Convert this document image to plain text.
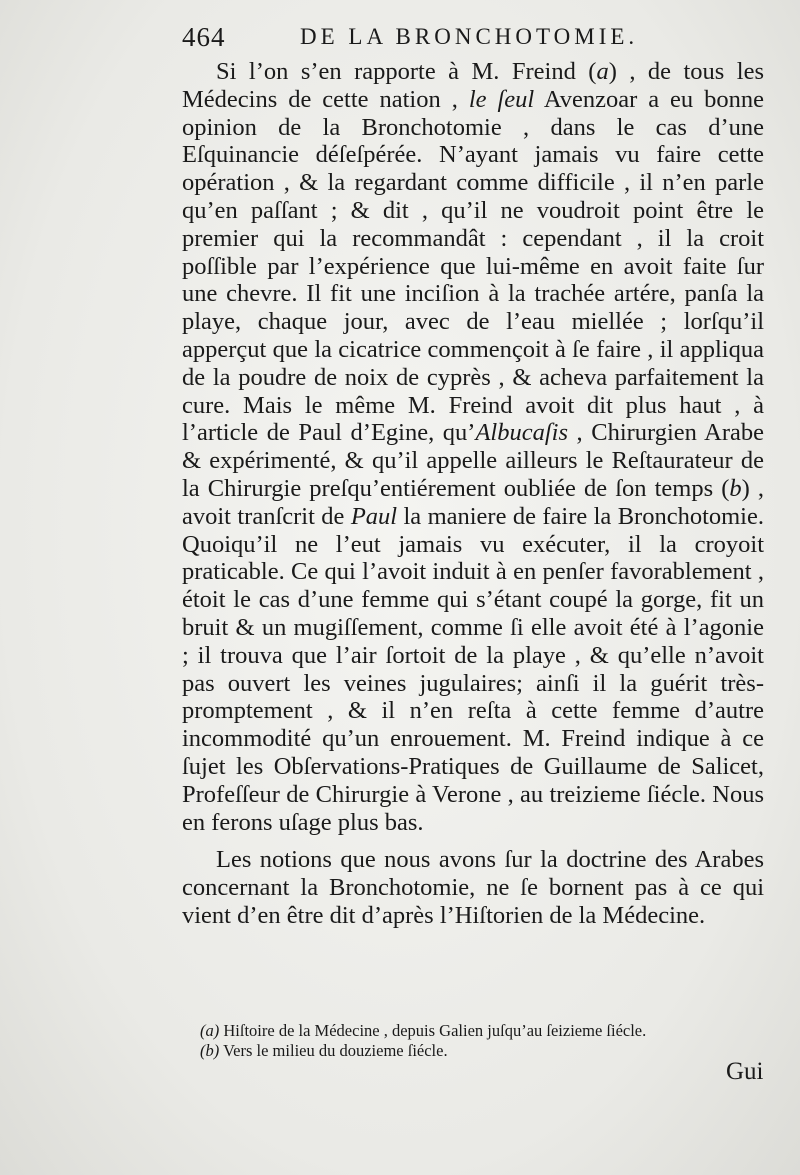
464	DE LA BRONCHOTOMIE.

Si l’on s’en rapporte à M. Freind (a) , de tous les Médecins de cette nation , le ſeul Avenzoar a eu bonne opinion de la Bronchotomie , dans le cas d’une Eſquinancie déſeſpérée. N’ayant jamais vu faire cette opération , & la regardant comme difficile , il n’en parle qu’en paſſant ; & dit , qu’il ne voudroit point être le premier qui la recommandât : cependant , il la croit poſſible par l’expérience que lui-même en avoit faite ſur une chevre. Il fit une inciſion à la trachée artére, panſa la playe, chaque jour, avec de l’eau miellée ; lorſqu’il apperçut que la cicatrice commençoit à ſe faire , il appliqua de la poudre de noix de cyprès , & acheva parfaitement la cure. Mais le même M. Freind avoit dit plus haut , à l’article de Paul d’Egine, qu’Albucaſis , Chirurgien Arabe & expérimenté, & qu’il appelle ailleurs le Reſtaurateur de la Chirurgie preſqu’entiérement oubliée de ſon temps (b) , avoit tranſcrit de Paul la maniere de faire la Bronchotomie. Quoiqu’il ne l’eut jamais vu exécuter, il la croyoit praticable. Ce qui l’avoit induit à en penſer favorablement , étoit le cas d’une femme qui s’étant coupé la gorge, fit un bruit & un mugiſſement, comme ſi elle avoit été à l’agonie ; il trouva que l’air ſortoit de la playe , & qu’elle n’avoit pas ouvert les veines jugulaires; ainſi il la guérit très-promptement , & il n’en reſta à cette femme d’autre incommodité qu’un enrouement. M. Freind indique à ce ſujet les Obſervations-Pratiques de Guillaume de Salicet, Profeſſeur de Chirurgie à Verone , au treizieme ſiécle. Nous en ferons uſage plus bas.

Les notions que nous avons ſur la doctrine des Arabes concernant la Bronchotomie, ne ſe bornent pas à ce qui vient d’en être dit d’après l’Hiſtorien de la Médecine.

(a) Hiſtoire de la Médecine , depuis Galien juſqu’au ſeizieme ſiécle.

(b) Vers le milieu du douzieme ſiécle.

Gui
